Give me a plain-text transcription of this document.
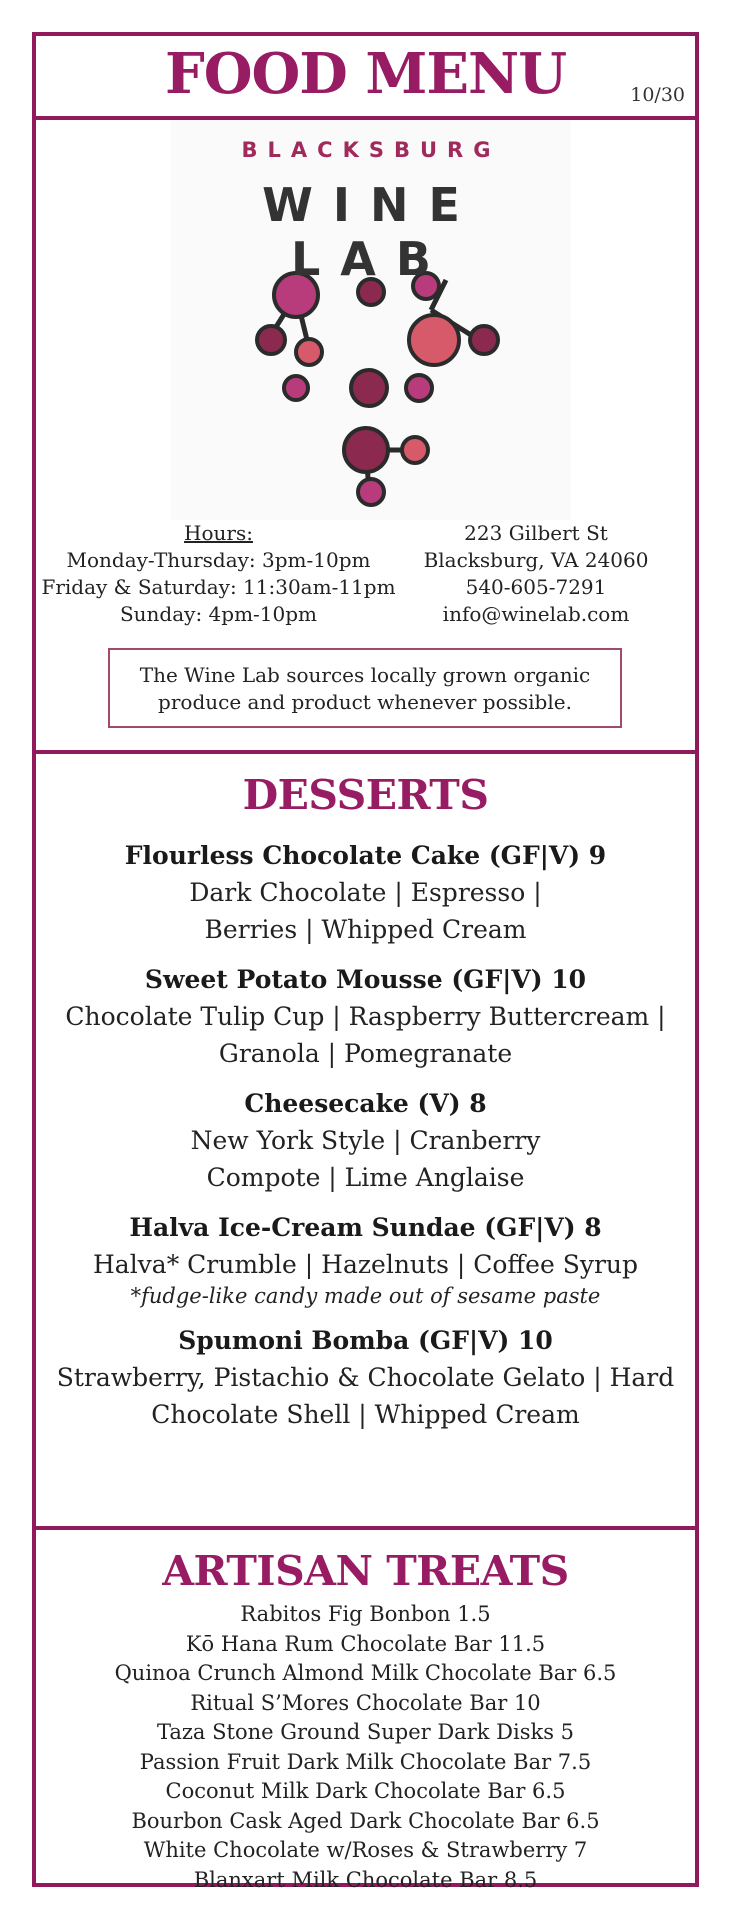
FOOD MENU	10/30
BLACKSBURG
WINE LAB
Hours:
Monday-Thursday: 3pm-10pm
Friday & Saturday: 11:30am-11pm
Sunday: 4pm-10pm
223 Gilbert St
Blacksburg, VA 24060
540-605-7291
info@winelab.com
The Wine Lab sources locally grown organic produce and product whenever possible.
DESSERTS
Flourless Chocolate Cake (GF|V) 9
Dark Chocolate | Espresso | Berries | Whipped Cream
Sweet Potato Mousse (GF|V) 10
Chocolate Tulip Cup | Raspberry Buttercream | Granola | Pomegranate
Cheesecake (V) 8
New York Style | Cranberry Compote | Lime Anglaise
Halva Ice-Cream Sundae (GF|V) 8
Halva* Crumble | Hazelnuts | Coffee Syrup
*fudge-like candy made out of sesame paste
Spumoni Bomba (GF|V) 10
Strawberry, Pistachio & Chocolate Gelato | Hard Chocolate Shell | Whipped Cream
ARTISAN TREATS
Rabitos Fig Bonbon 1.5
Kō Hana Rum Chocolate Bar 11.5
Quinoa Crunch Almond Milk Chocolate Bar 6.5
Ritual S’Mores Chocolate Bar 10
Taza Stone Ground Super Dark Disks 5
Passion Fruit Dark Milk Chocolate Bar 7.5
Coconut Milk Dark Chocolate Bar 6.5
Bourbon Cask Aged Dark Chocolate Bar 6.5
White Chocolate w/Roses & Strawberry 7
Blanxart Milk Chocolate Bar 8.5
